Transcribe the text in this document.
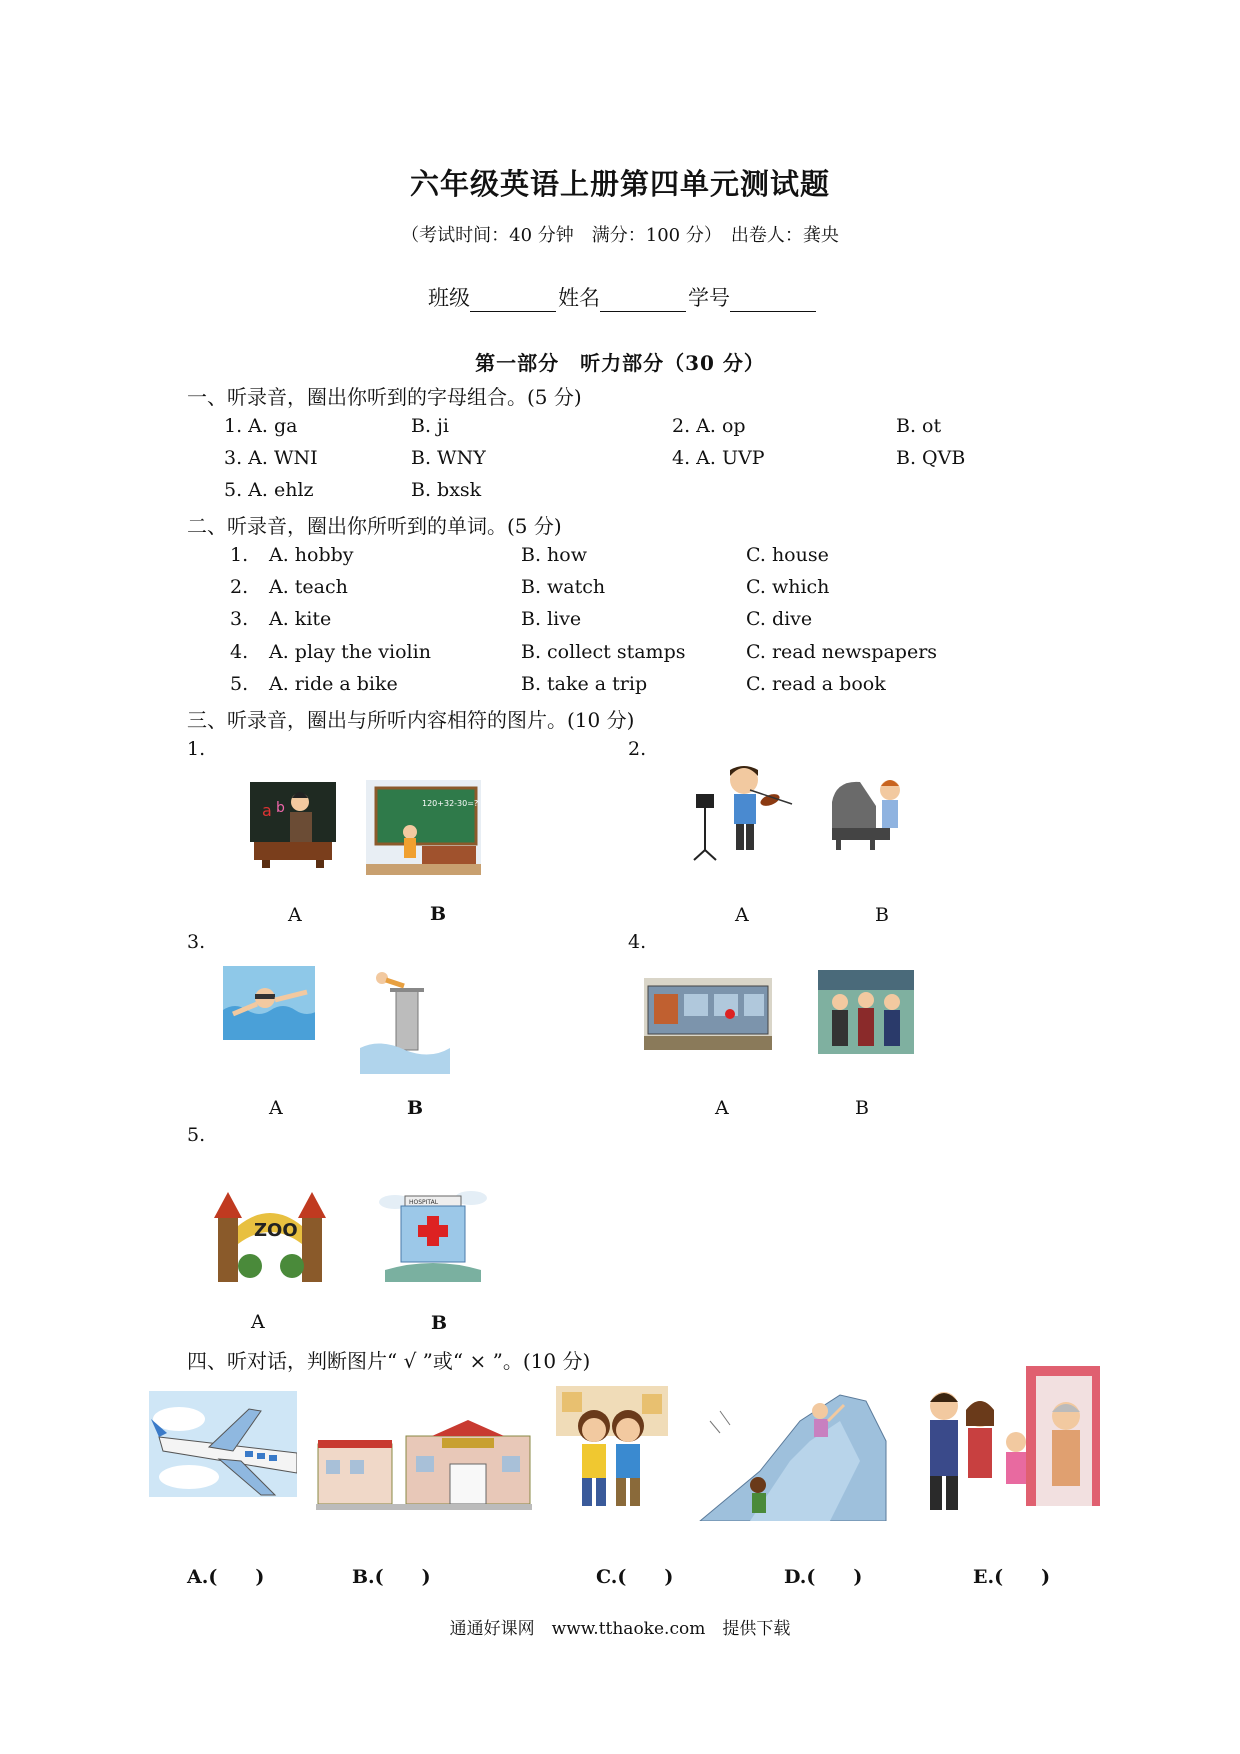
六年级英语上册第四单元测试题
（考试时间：40 分钟　满分：100 分）　出卷人：龚央
班级	姓名	学号
第一部分　听力部分（30 分）
一、听录音，圈出你听到的字母组合。(5 分)
1. A. ga	B. ji	2. A. op	B. ot
3. A. WNI	B. WNY	4. A. UVP	B. QVB
5. A. ehlz	B. bxsk
二、听录音，圈出你所听到的单词。(5 分)
1. A. hobby	B. how	C. house
2. A. teach	B. watch	C. which
3. A. kite	B. live	C. dive
4. A. play the violin	B. collect stamps	C. read newspapers
5. A. ride a bike	B. take a trip	C. read a book
三、听录音，圈出与所听内容相符的图片。(10 分)
1.	2.
a b	120+32-30=?
A	B	A	B
3.	4.
A	B	A	B
5.
ZOO
HOSPITAL
A	B
四、听对话，判断图片“ √ ”或“ × ”。(10 分)
A.(　　)	B.(　　)	C.(　　)	D.(　　)	E.(　　)
通通好课网　www.tthaoke.com　提供下载
